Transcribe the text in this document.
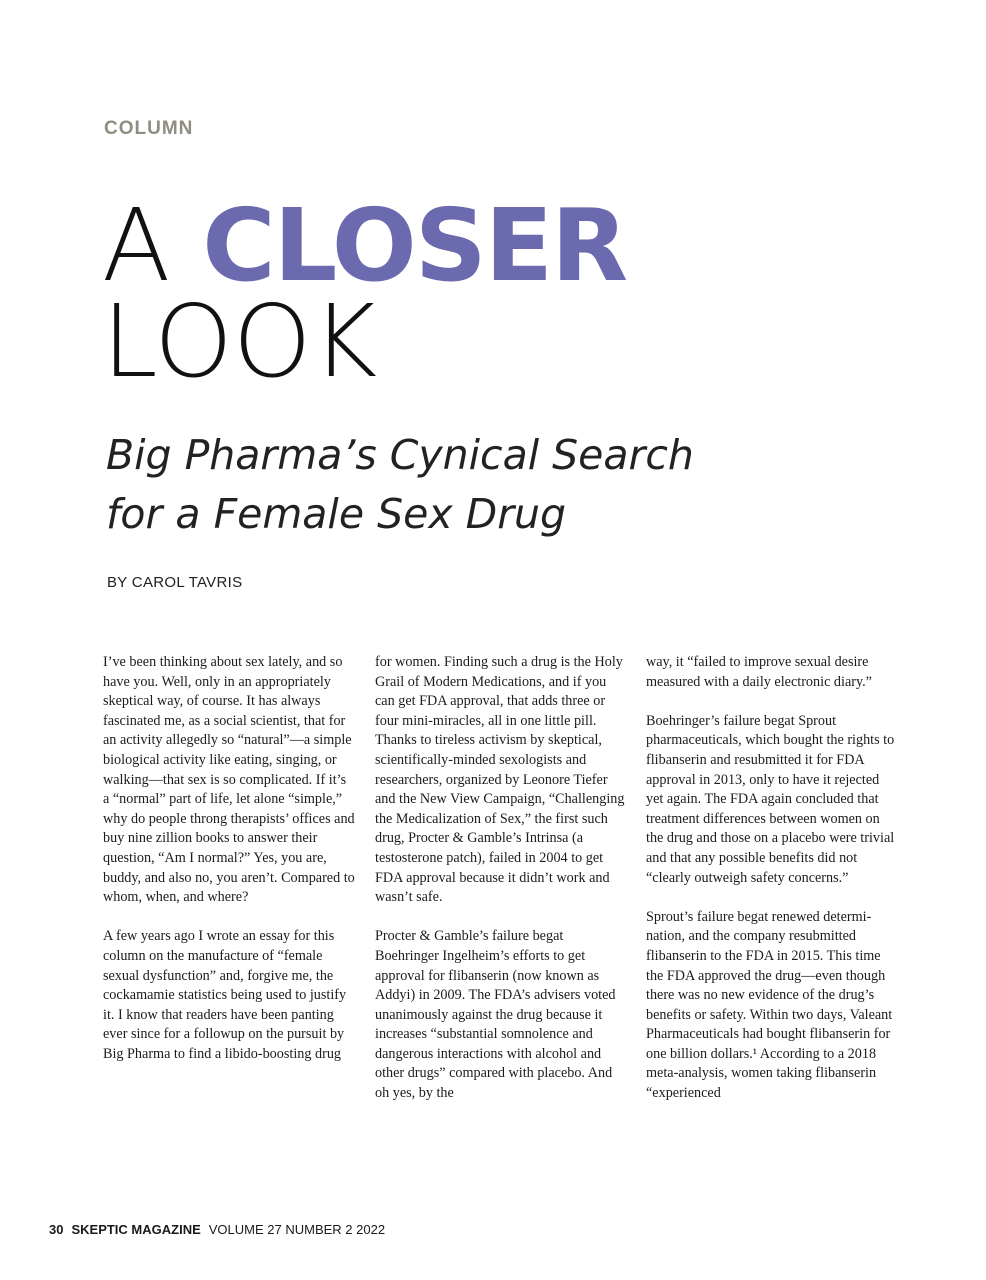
COLUMN
A CLOSER
LOOK
Big Pharma’s Cynical Search
for a Female Sex Drug
BY CAROL TAVRIS

I’ve been thinking about sex lately, and so have you. Well, only in an appropriately skeptical way, of course. It has always fascinated me, as a social scientist, that for an activity allegedly so “natural”—a simple biological activity like eating, singing, or walking—that sex is so complicated. If it’s a “normal” part of life, let alone “simple,” why do people throng therapists’ offices and buy nine zillion books to answer their question, “Am I normal?” Yes, you are, buddy, and also no, you aren’t. Compared to whom, when, and where?

A few years ago I wrote an essay for this column on the manufacture of “female sexual dysfunction” and, forgive me, the cockamamie statistics being used to justify it. I know that readers have been panting ever since for a followup on the pursuit by Big Pharma to find a libido-boosting drug

for women. Finding such a drug is the Holy Grail of Modern Medications, and if you can get FDA approval, that adds three or four mini-miracles, all in one little pill. Thanks to tireless activism by skeptical, scientifically-minded sexologists and researchers, organized by Leonore Tiefer and the New View Campaign, “Challenging the Medicalization of Sex,” the first such drug, Procter & Gamble’s Intrinsa (a testosterone patch), failed in 2004 to get FDA approval because it didn’t work and wasn’t safe.

Procter & Gamble’s failure begat Boehringer Ingelheim’s efforts to get approval for flibanserin (now known as Addyi) in 2009. The FDA’s advisers voted unanimously against the drug because it increases “substantial somnolence and dangerous interactions with alcohol and other drugs” compared with placebo. And oh yes, by the

way, it “failed to improve sexual desire measured with a daily electronic diary.”

Boehringer’s failure begat Sprout pharmaceuticals, which bought the rights to flibanserin and resubmitted it for FDA approval in 2013, only to have it rejected yet again. The FDA again concluded that treatment differences between women on the drug and those on a placebo were trivial and that any possible benefits did not “clearly outweigh safety concerns.”

Sprout’s failure begat renewed determination, and the company resubmitted flibanserin to the FDA in 2015. This time the FDA approved the drug—even though there was no new evidence of the drug’s benefits or safety. Within two days, Valeant Pharmaceuticals had bought flibanserin for one billion dollars.¹ According to a 2018 meta-analysis, women taking flibanserin “experienced

30 SKEPTIC MAGAZINE VOLUME 27 NUMBER 2 2022
